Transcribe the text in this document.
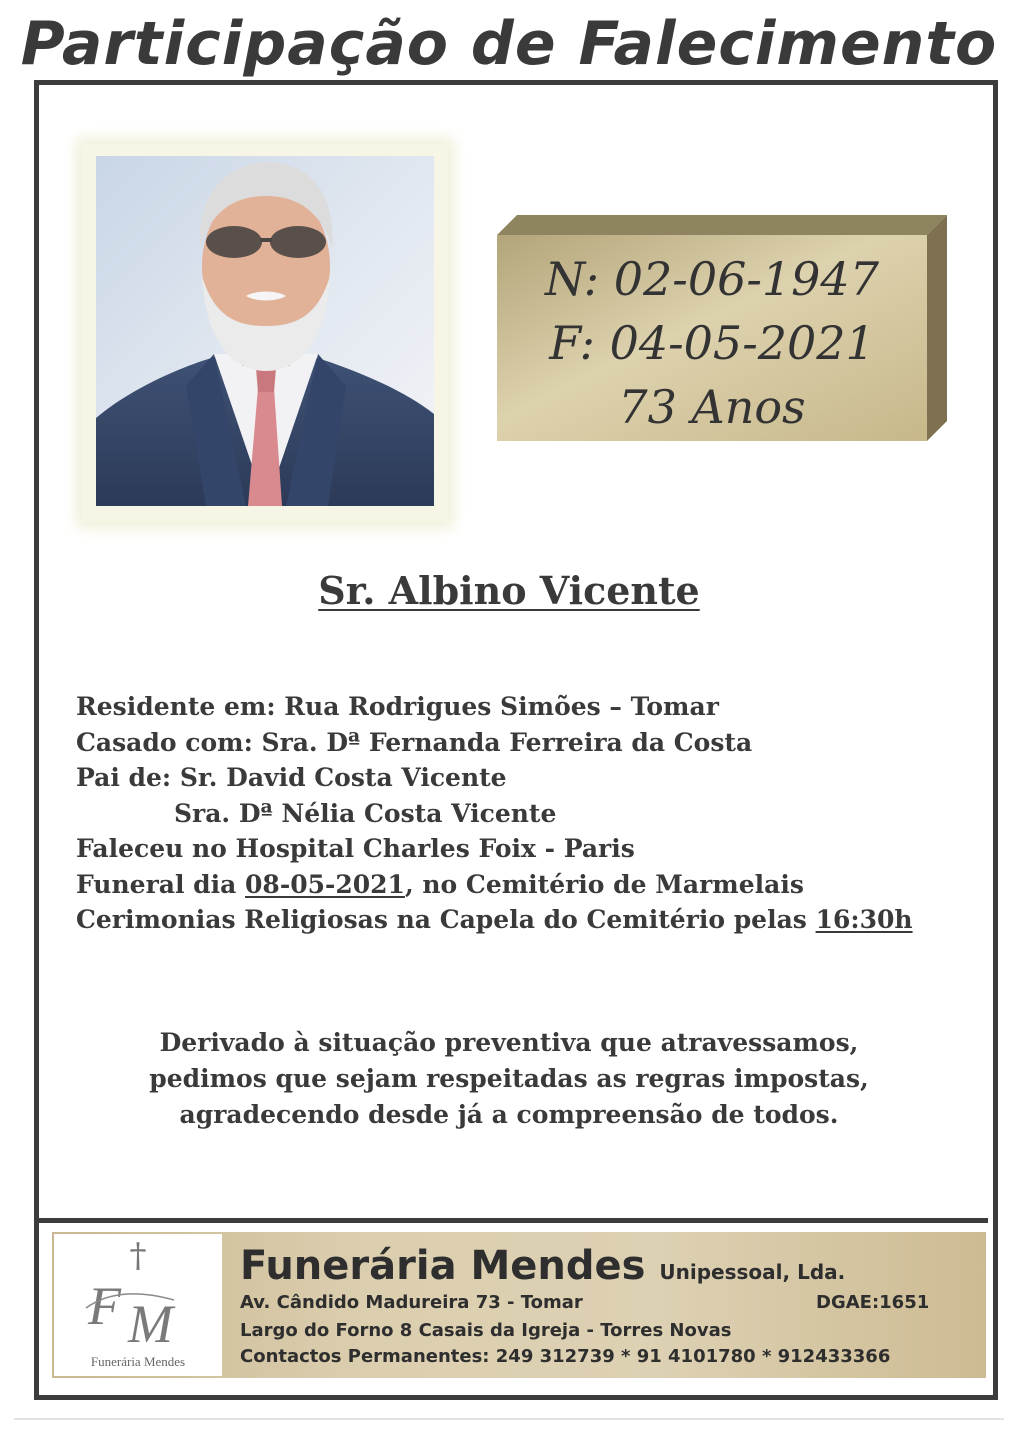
Participação de Falecimento
N: 02-06-1947
F: 04-05-2021
73 Anos
Sr. Albino Vicente
Residente em: Rua Rodrigues Simões – Tomar
Casado com: Sra. Dª Fernanda Ferreira da Costa
Pai de: Sr. David Costa Vicente
Sra. Dª Nélia Costa Vicente
Faleceu no Hospital Charles Foix - Paris
Funeral dia 08-05-2021, no Cemitério de Marmelais
Cerimonias Religiosas na Capela do Cemitério pelas 16:30h
Derivado à situação preventiva que atravessamos,
pedimos que sejam respeitadas as regras impostas,
agradecendo desde já a compreensão de todos.
†
F M
Funerária Mendes
Funerária Mendes Unipessoal, Lda.
Av. Cândido Madureira 73 - Tomar	DGAE:1651
Largo do Forno 8 Casais da Igreja - Torres Novas
Contactos Permanentes: 249 312739 * 91 4101780 * 912433366
